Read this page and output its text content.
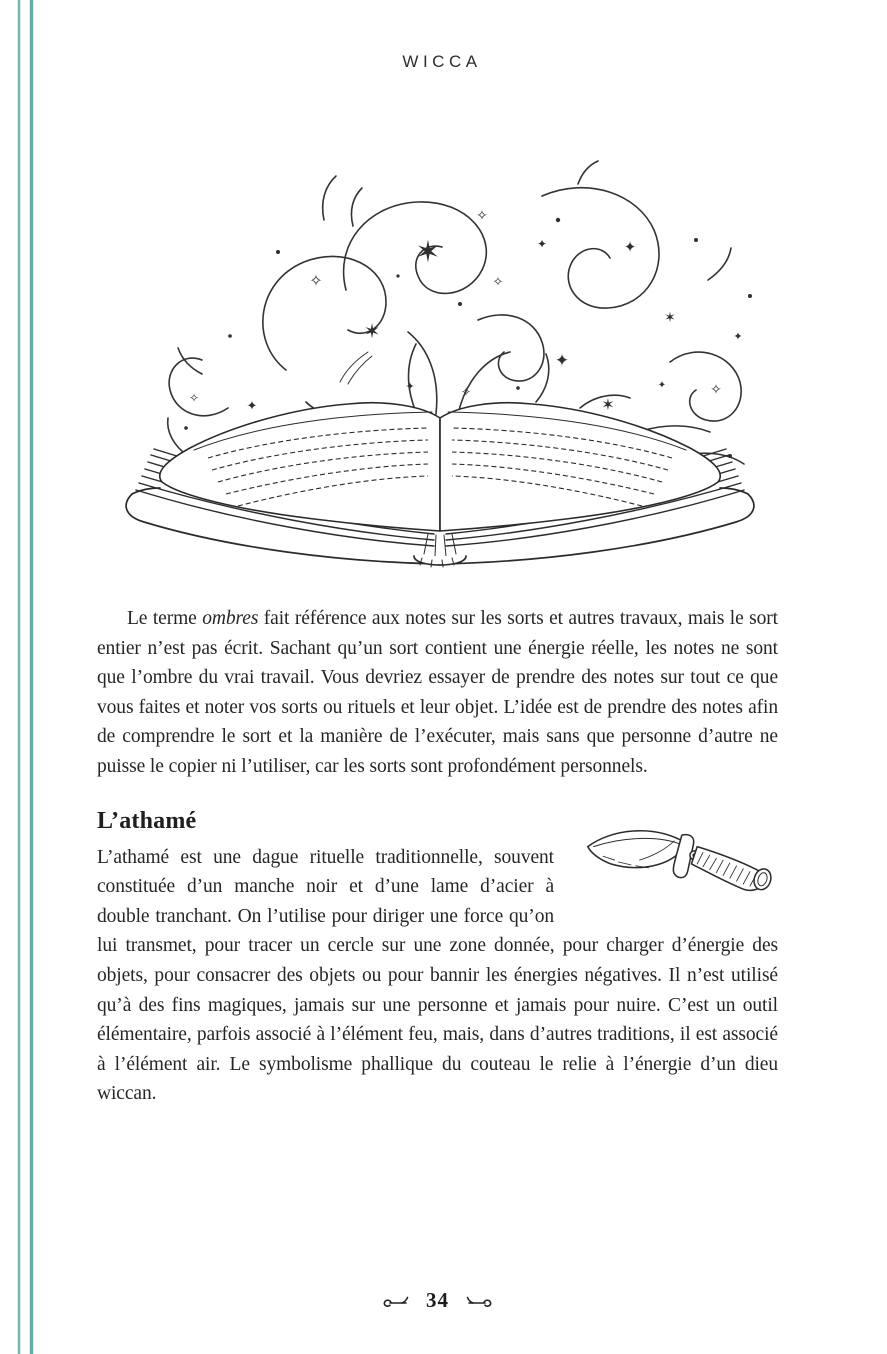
WICCA
✶
✧
✶
✧
✦
✶
✦
✧
✦
✧
✦
✧
✦
✶
✦
✧
✦

Le terme ombres fait référence aux notes sur les sorts et autres travaux, mais le sort entier n’est pas écrit. Sachant qu’un sort contient une énergie réelle, les notes ne sont que l’ombre du vrai travail. Vous devriez essayer de prendre des notes sur tout ce que vous faites et noter vos sorts ou rituels et leur objet. L’idée est de prendre des notes afin de comprendre le sort et la manière de l’exécuter, mais sans que personne d’autre ne puisse le copier ni l’utiliser, car les sorts sont profondément personnels.

L’athamé

L’athamé est une dague rituelle traditionnelle, souvent constituée d’un manche noir et d’une lame d’acier à double tranchant. On l’utilise pour diriger une force qu’on lui transmet, pour tracer un cercle sur une zone donnée, pour charger d’énergie des objets, pour consacrer des objets ou pour bannir les énergies négatives. Il n’est utilisé qu’à des fins magiques, jamais sur une personne et jamais pour nuire. C’est un outil élémentaire, parfois associé à l’élément feu, mais, dans d’autres traditions, il est associé à l’élément air. Le symbolisme phallique du couteau le relie à l’énergie d’un dieu wiccan.

34
